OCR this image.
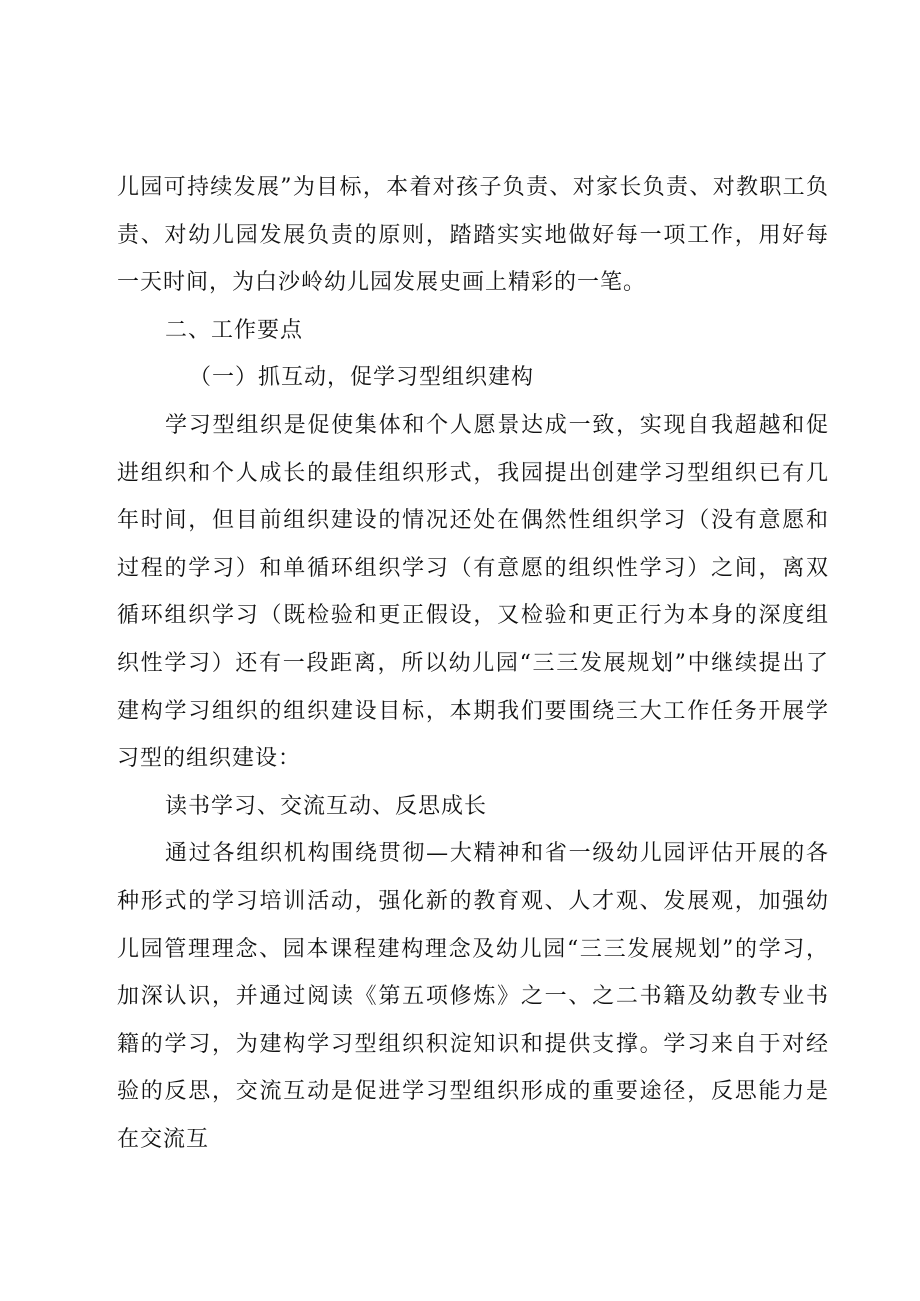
儿园可持续发展”为目标，本着对孩子负责、对家长负责、对教职工负责、对幼儿园发展负责的原则，踏踏实实地做好每一项工作，用好每一天时间，为白沙岭幼儿园发展史画上精彩的一笔。

二、工作要点

（一）抓互动，促学习型组织建构

学习型组织是促使集体和个人愿景达成一致，实现自我超越和促进组织和个人成长的最佳组织形式，我园提出创建学习型组织已有几年时间，但目前组织建设的情况还处在偶然性组织学习（没有意愿和过程的学习）和单循环组织学习（有意愿的组织性学习）之间，离双循环组织学习（既检验和更正假设，又检验和更正行为本身的深度组织性学习）还有一段距离，所以幼儿园“三三发展规划”中继续提出了建构学习组织的组织建设目标，本期我们要围绕三大工作任务开展学习型的组织建设：

读书学习、交流互动、反思成长

通过各组织机构围绕贯彻—大精神和省一级幼儿园评估开展的各种形式的学习培训活动，强化新的教育观、人才观、发展观，加强幼儿园管理理念、园本课程建构理念及幼儿园“三三发展规划”的学习，加深认识，并通过阅读《第五项修炼》之一、之二书籍及幼教专业书籍的学习，为建构学习型组织积淀知识和提供支撑。学习来自于对经验的反思，交流互动是促进学习型组织形成的重要途径，反思能力是在交流互
